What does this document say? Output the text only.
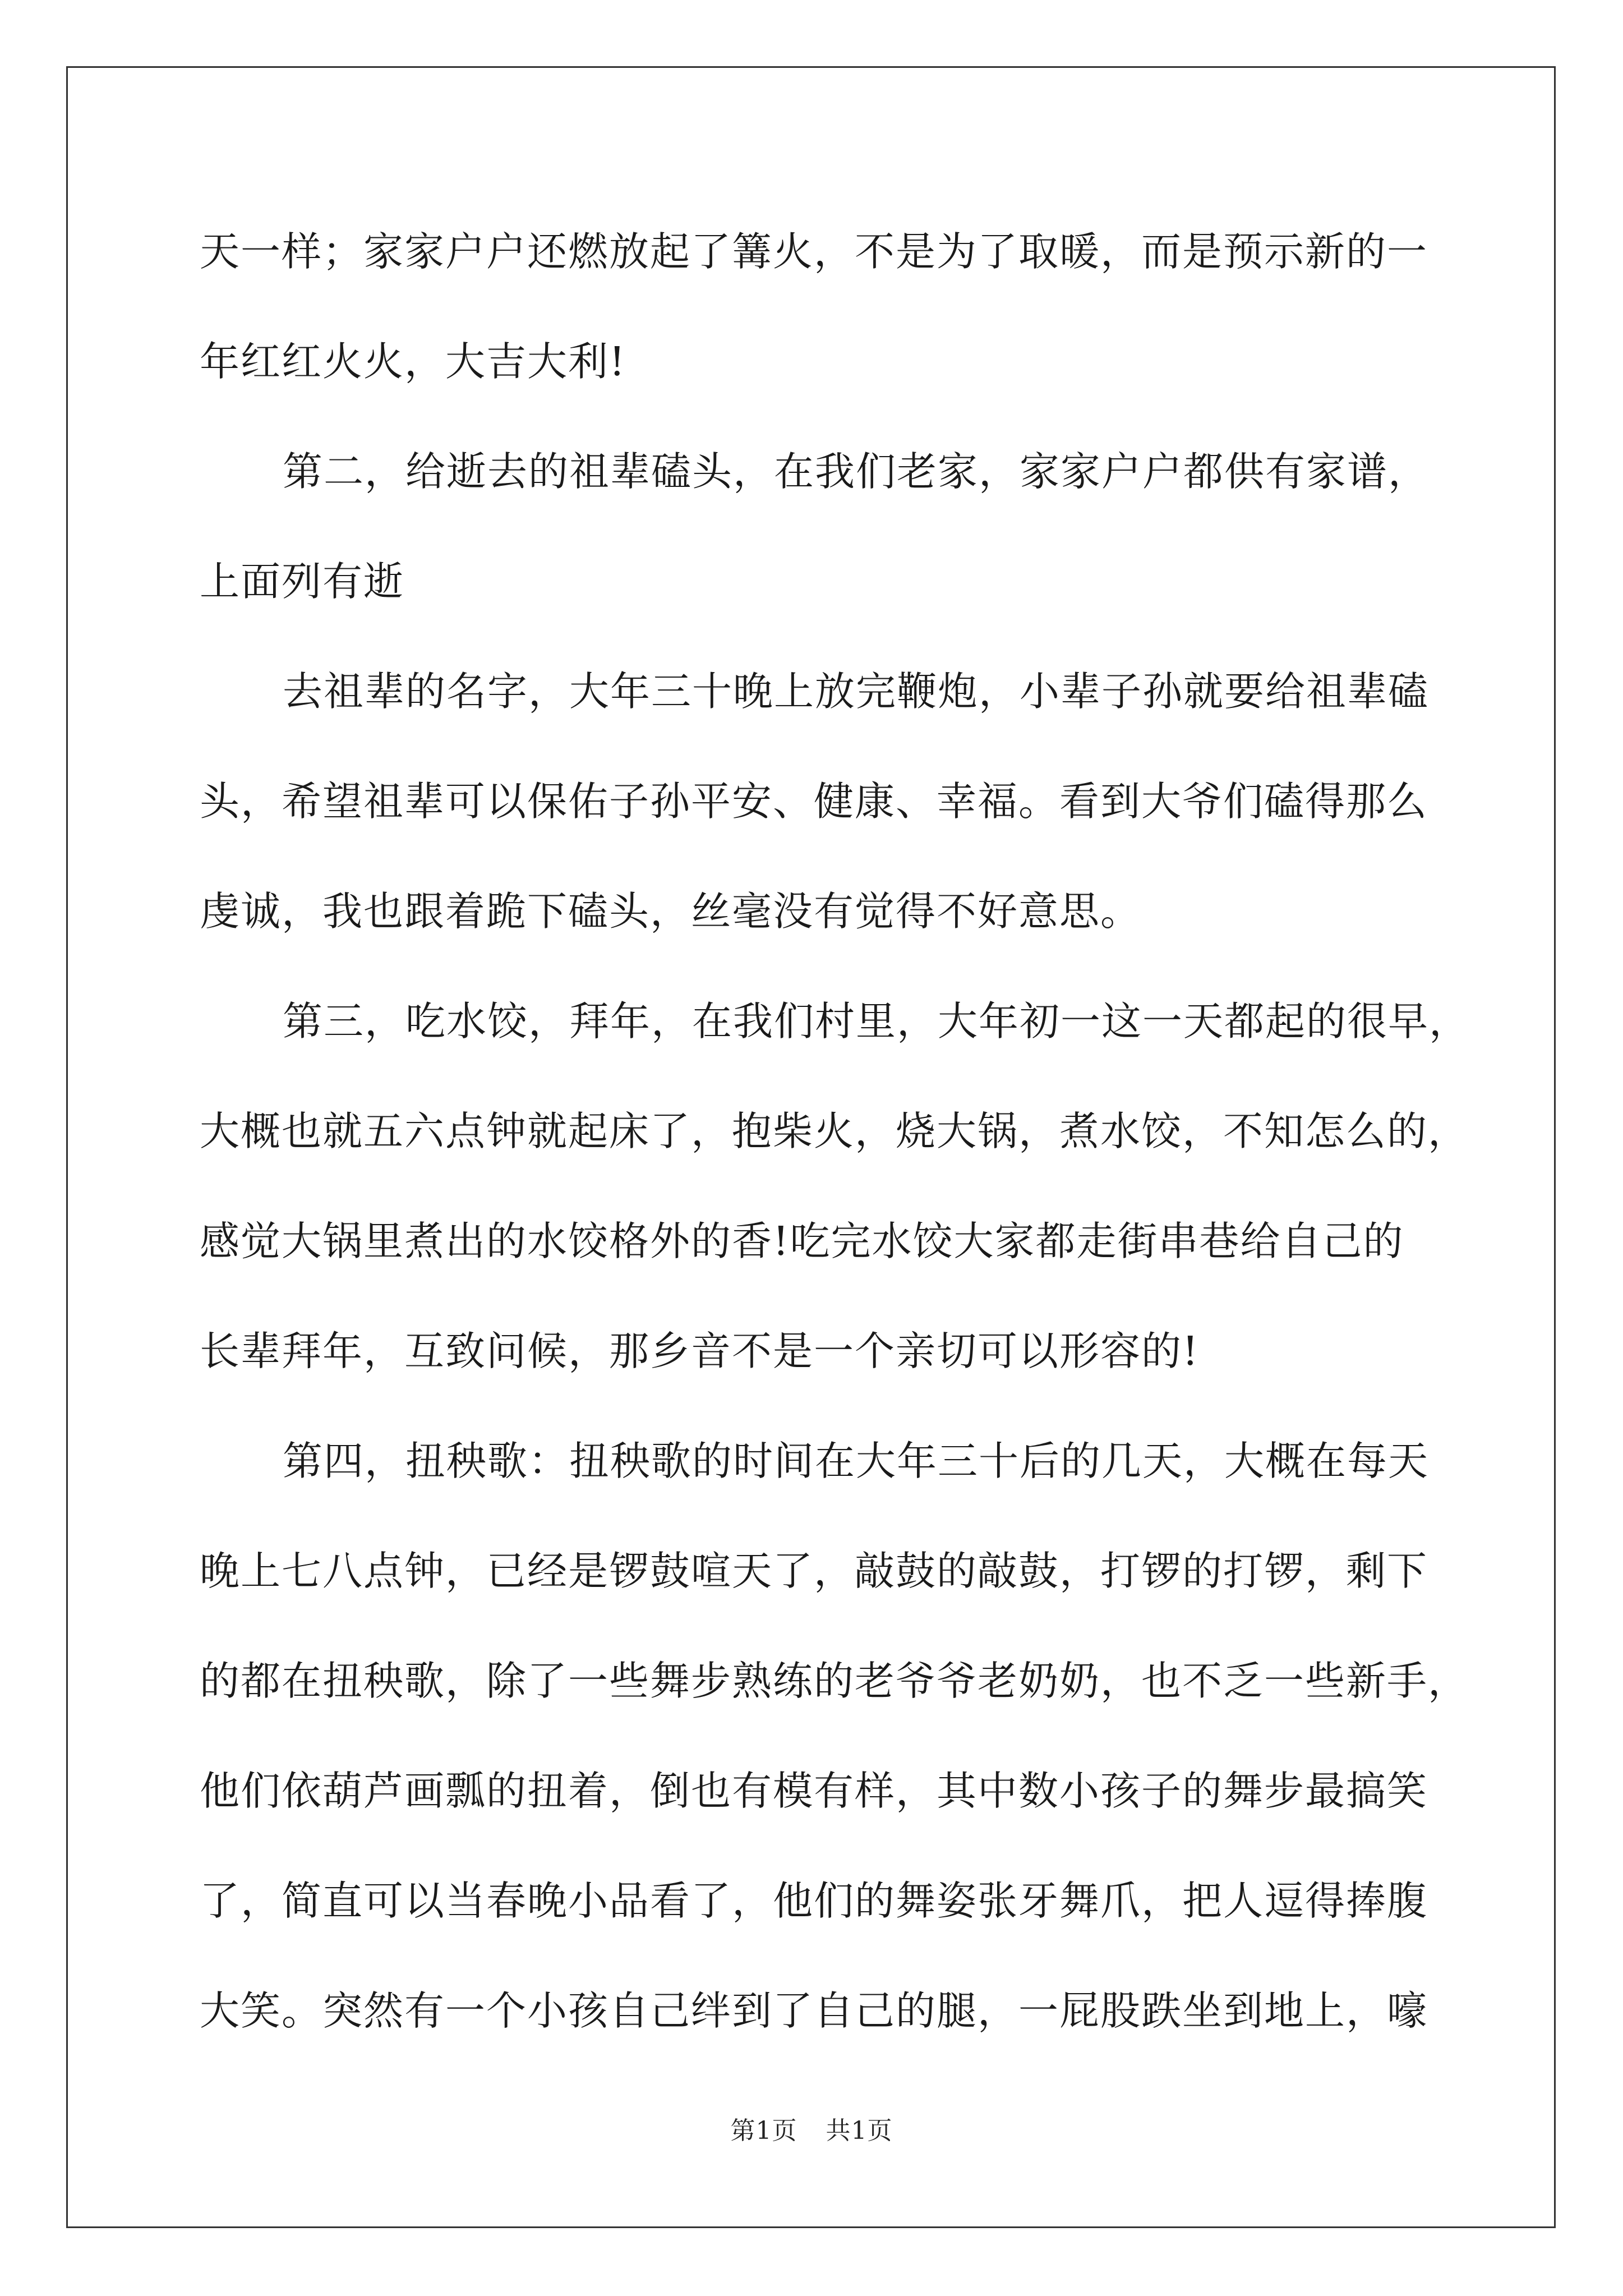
天一样；家家户户还燃放起了篝火，不是为了取暖，而是预示新的一
年红红火火，大吉大利!
第二，给逝去的祖辈磕头，在我们老家，家家户户都供有家谱，
上面列有逝
去祖辈的名字，大年三十晚上放完鞭炮，小辈子孙就要给祖辈磕
头，希望祖辈可以保佑子孙平安、健康、幸福。看到大爷们磕得那么
虔诚，我也跟着跪下磕头，丝毫没有觉得不好意思。
第三，吃水饺，拜年，在我们村里，大年初一这一天都起的很早，
大概也就五六点钟就起床了，抱柴火，烧大锅，煮水饺，不知怎么的，
感觉大锅里煮出的水饺格外的香!吃完水饺大家都走街串巷给自己的
长辈拜年，互致问候，那乡音不是一个亲切可以形容的!
第四，扭秧歌：扭秧歌的时间在大年三十后的几天，大概在每天
晚上七八点钟，已经是锣鼓喧天了，敲鼓的敲鼓，打锣的打锣，剩下
的都在扭秧歌，除了一些舞步熟练的老爷爷老奶奶，也不乏一些新手，
他们依葫芦画瓢的扭着，倒也有模有样，其中数小孩子的舞步最搞笑
了，简直可以当春晚小品看了，他们的舞姿张牙舞爪，把人逗得捧腹
大笑。突然有一个小孩自己绊到了自己的腿，一屁股跌坐到地上，嚎
第1页 共1页
